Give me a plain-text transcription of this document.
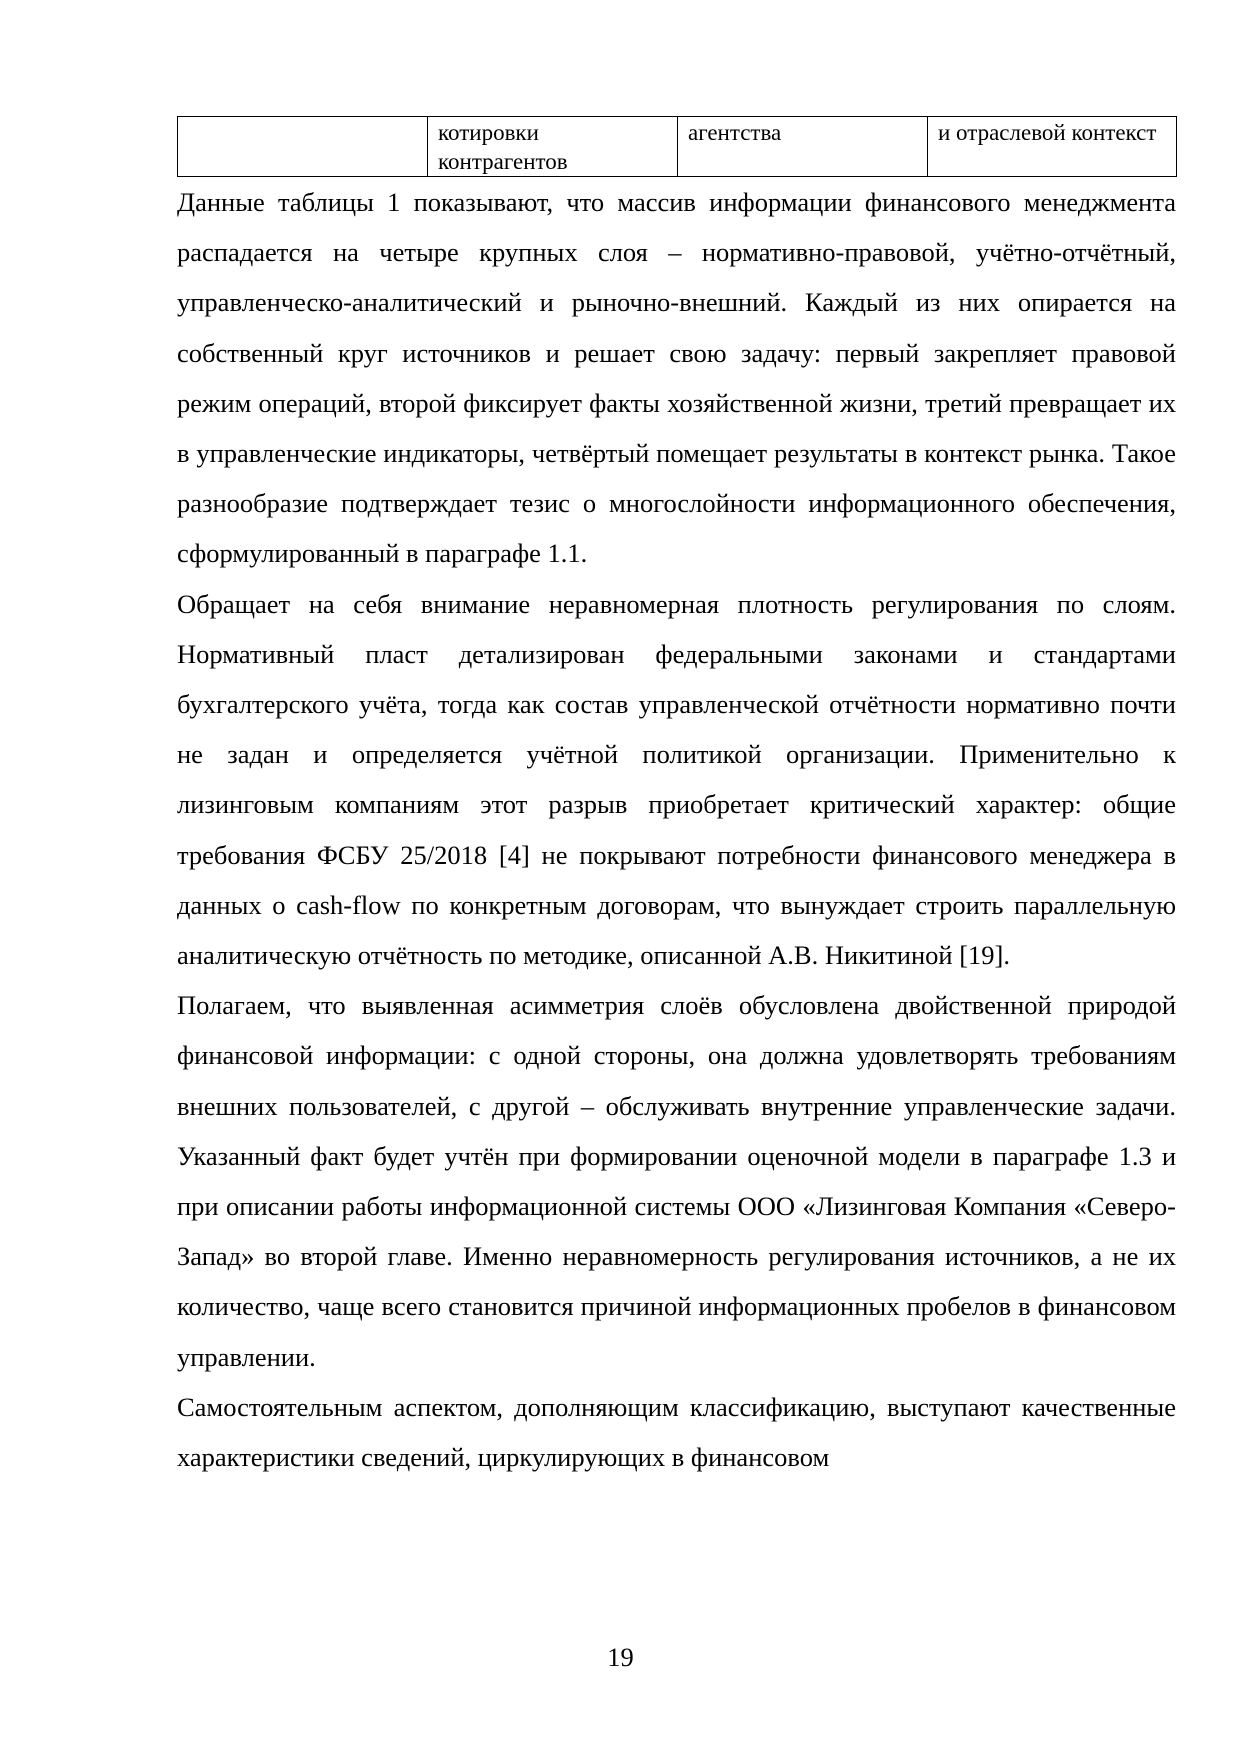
	котировки контрагентов	агентства	и отраслевой контекст

Данные таблицы 1 показывают, что массив информации финансового менеджмента распадается на четыре крупных слоя – нормативно-правовой, учётно-отчётный, управленческо-аналитический и рыночно-внешний. Каждый из них опирается на собственный круг источников и решает свою задачу: первый закрепляет правовой режим операций, второй фиксирует факты хозяйственной жизни, третий превращает их в управленческие индикаторы, четвёртый помещает результаты в контекст рынка. Такое разнообразие подтверждает тезис о многослойности информационного обеспечения, сформулированный в параграфе 1.1.

Обращает на себя внимание неравномерная плотность регулирования по слоям. Нормативный пласт детализирован федеральными законами и стандартами бухгалтерского учёта, тогда как состав управленческой отчётности нормативно почти не задан и определяется учётной политикой организации. Применительно к лизинговым компаниям этот разрыв приобретает критический характер: общие требования ФСБУ 25/2018 [4] не покрывают потребности финансового менеджера в данных о cash-flow по конкретным договорам, что вынуждает строить параллельную аналитическую отчётность по методике, описанной А.В. Никитиной [19].

Полагаем, что выявленная асимметрия слоёв обусловлена двойственной природой финансовой информации: с одной стороны, она должна удовлетворять требованиям внешних пользователей, с другой – обслуживать внутренние управленческие задачи. Указанный факт будет учтён при формировании оценочной модели в параграфе 1.3 и при описании работы информационной системы ООО «Лизинговая Компания «Северо-Запад» во второй главе. Именно неравномерность регулирования источников, а не их количество, чаще всего становится причиной информационных пробелов в финансовом управлении.

Самостоятельным аспектом, дополняющим классификацию, выступают качественные характеристики сведений, циркулирующих в финансовом

19
